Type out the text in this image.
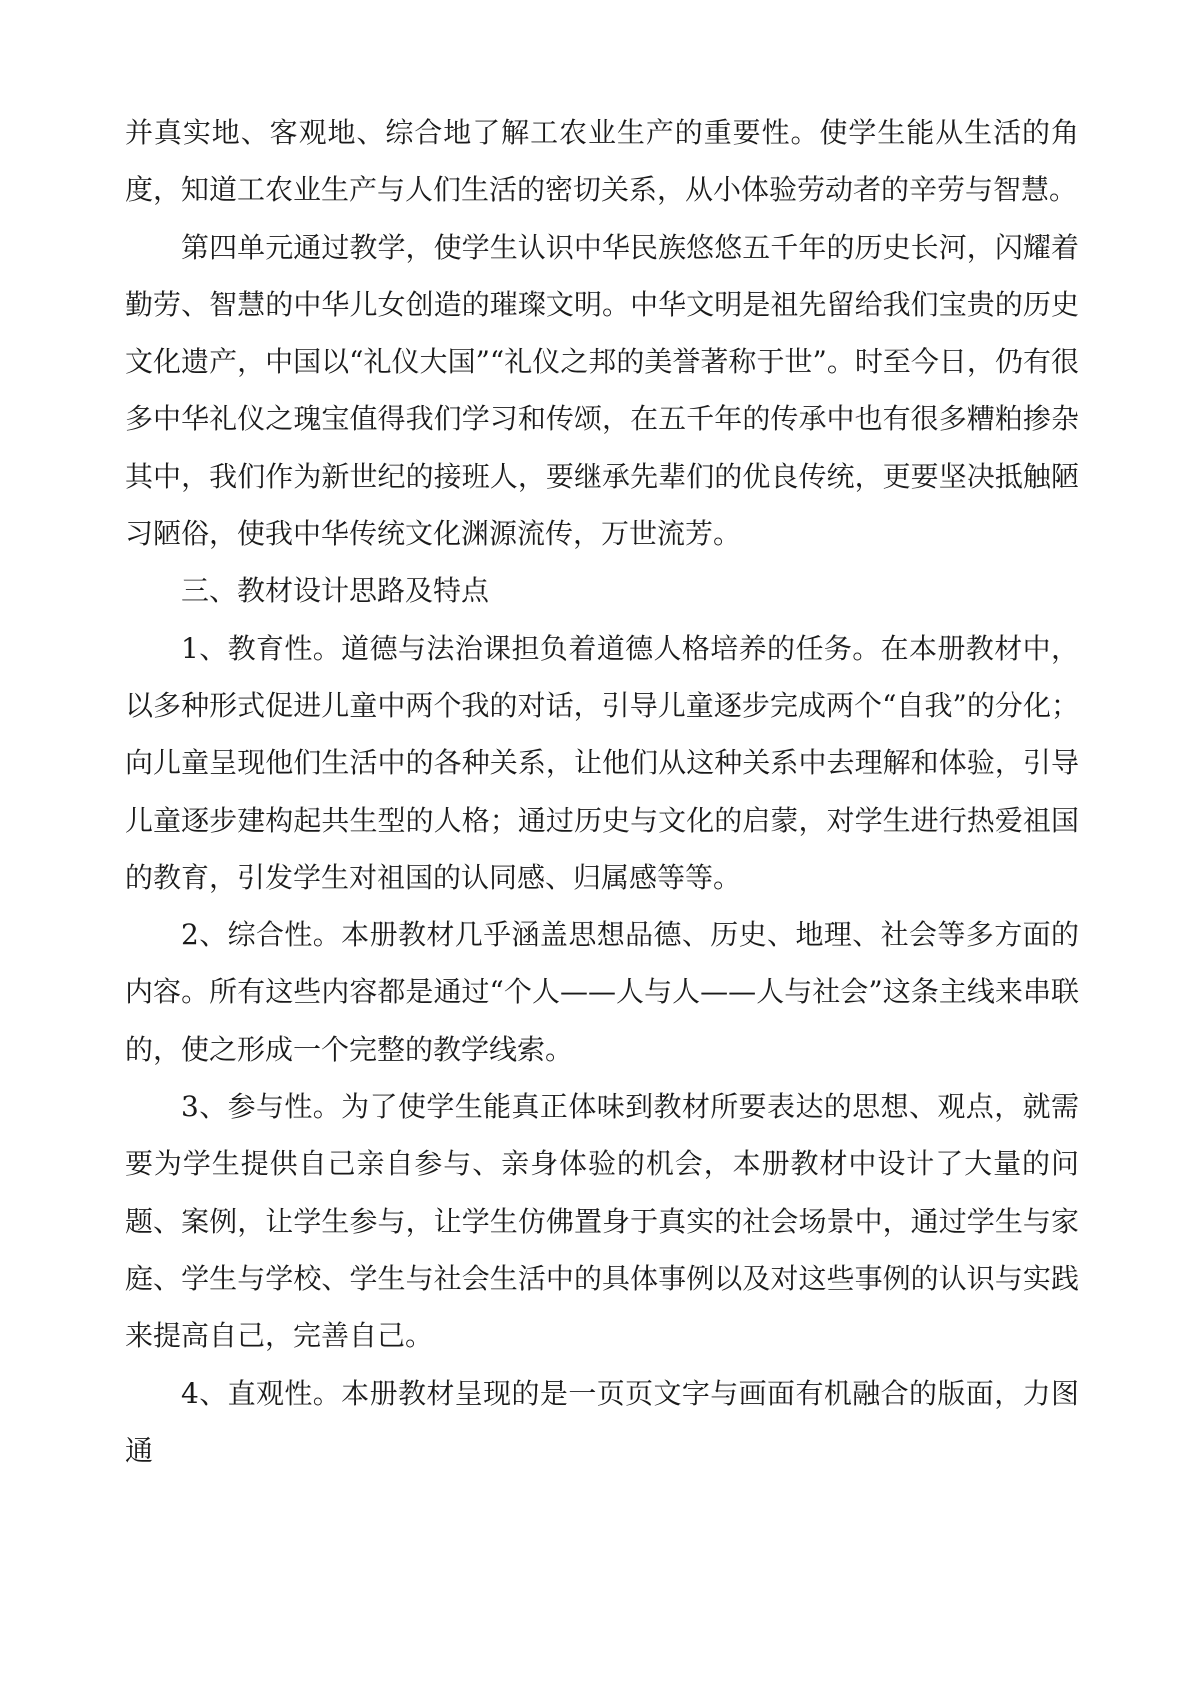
并真实地、客观地、综合地了解工农业生产的重要性。使学生能从生活的角度，知道工农业生产与人们生活的密切关系，从小体验劳动者的辛劳与智慧。

第四单元通过教学，使学生认识中华民族悠悠五千年的历史长河，闪耀着勤劳、智慧的中华儿女创造的璀璨文明。中华文明是祖先留给我们宝贵的历史文化遗产，中国以“礼仪大国”“礼仪之邦的美誉著称于世”。时至今日，仍有很多中华礼仪之瑰宝值得我们学习和传颂，在五千年的传承中也有很多糟粕掺杂其中，我们作为新世纪的接班人，要继承先辈们的优良传统，更要坚决抵触陋习陋俗，使我中华传统文化渊源流传，万世流芳。

三、教材设计思路及特点

1、教育性。道德与法治课担负着道德人格培养的任务。在本册教材中，以多种形式促进儿童中两个我的对话，引导儿童逐步完成两个“自我”的分化；向儿童呈现他们生活中的各种关系，让他们从这种关系中去理解和体验，引导儿童逐步建构起共生型的人格；通过历史与文化的启蒙，对学生进行热爱祖国的教育，引发学生对祖国的认同感、归属感等等。

2、综合性。本册教材几乎涵盖思想品德、历史、地理、社会等多方面的内容。所有这些内容都是通过“个人——人与人——人与社会”这条主线来串联的，使之形成一个完整的教学线索。

3、参与性。为了使学生能真正体味到教材所要表达的思想、观点，就需要为学生提供自己亲自参与、亲身体验的机会，本册教材中设计了大量的问题、案例，让学生参与，让学生仿佛置身于真实的社会场景中，通过学生与家庭、学生与学校、学生与社会生活中的具体事例以及对这些事例的认识与实践来提高自己，完善自己。

4、直观性。本册教材呈现的是一页页文字与画面有机融合的版面，力图通
